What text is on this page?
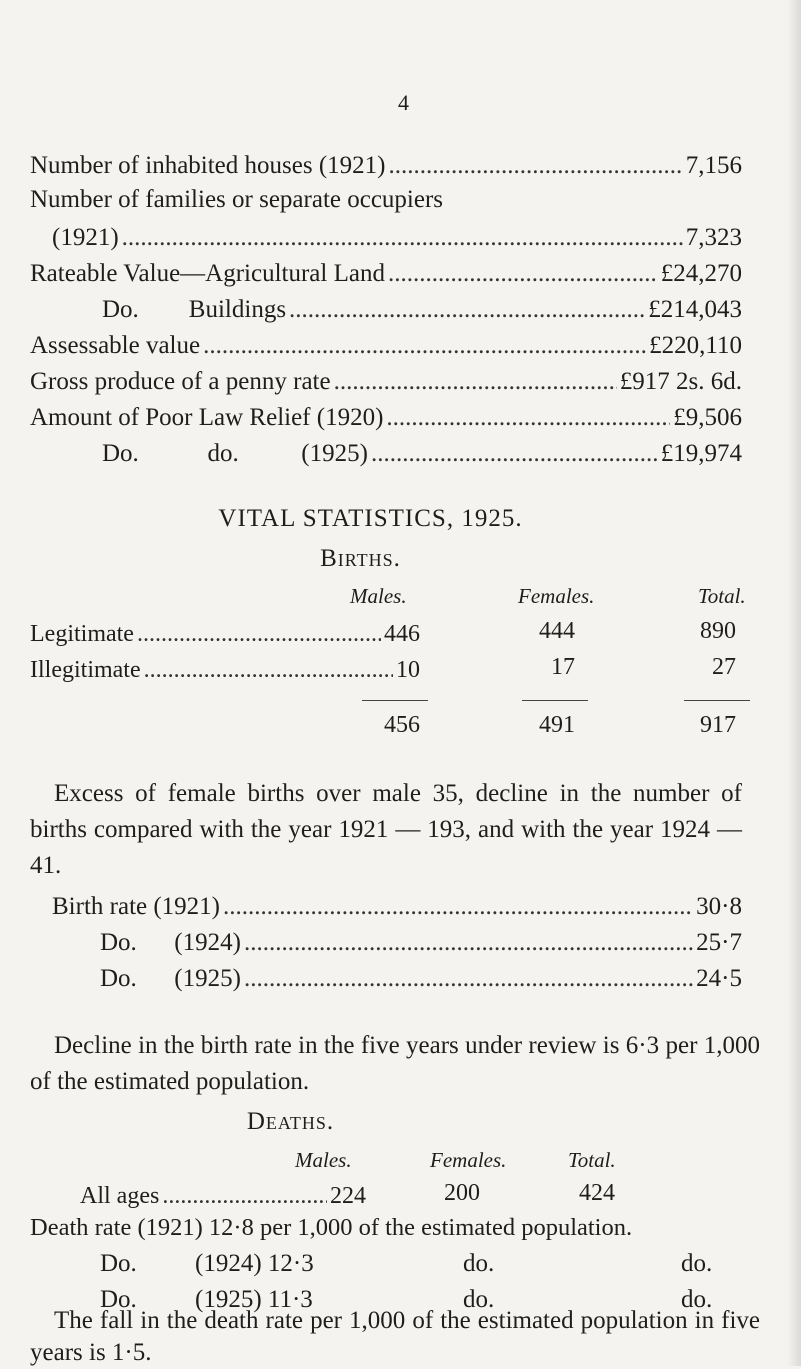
4
Number of inhabited houses (1921) .....	7,156
Number of families or separate occupiers
(1921) .....	7,323
Rateable Value—Agricultural Land .....	£24,270
Do.        Buildings .....	£214,043
Assessable value .....	£220,110
Gross produce of a penny rate .....	£917 2s. 6d.
Amount of Poor Law Relief (1920) .....	£9,506
Do.           do.          (1925) .....	£19,974
VITAL STATISTICS, 1925.
Births.
Males.	Females.	Total.
Legitimate .....	446	444	890
Illegitimate .....	10	17	27
456	491	917
Excess of female births over male 35, decline in the number of births compared with the year 1921 — 193, and with the year 1924 — 41.
Birth rate (1921) .....	30·8
Do.      (1924) .....	25·7
Do.      (1925) .....	24·5
Decline in the birth rate in the five years under review is 6·3 per 1,000 of the estimated population.
Deaths.
Males.	Females.	Total.
All ages .....	224	200	424
Death rate (1921) 12·8 per 1,000 of the estimated population.
Do. (1924) 12·3	do.	do.
Do. (1925) 11·3	do.	do.
The fall in the death rate per 1,000 of the estimated population in five years is 1·5.
